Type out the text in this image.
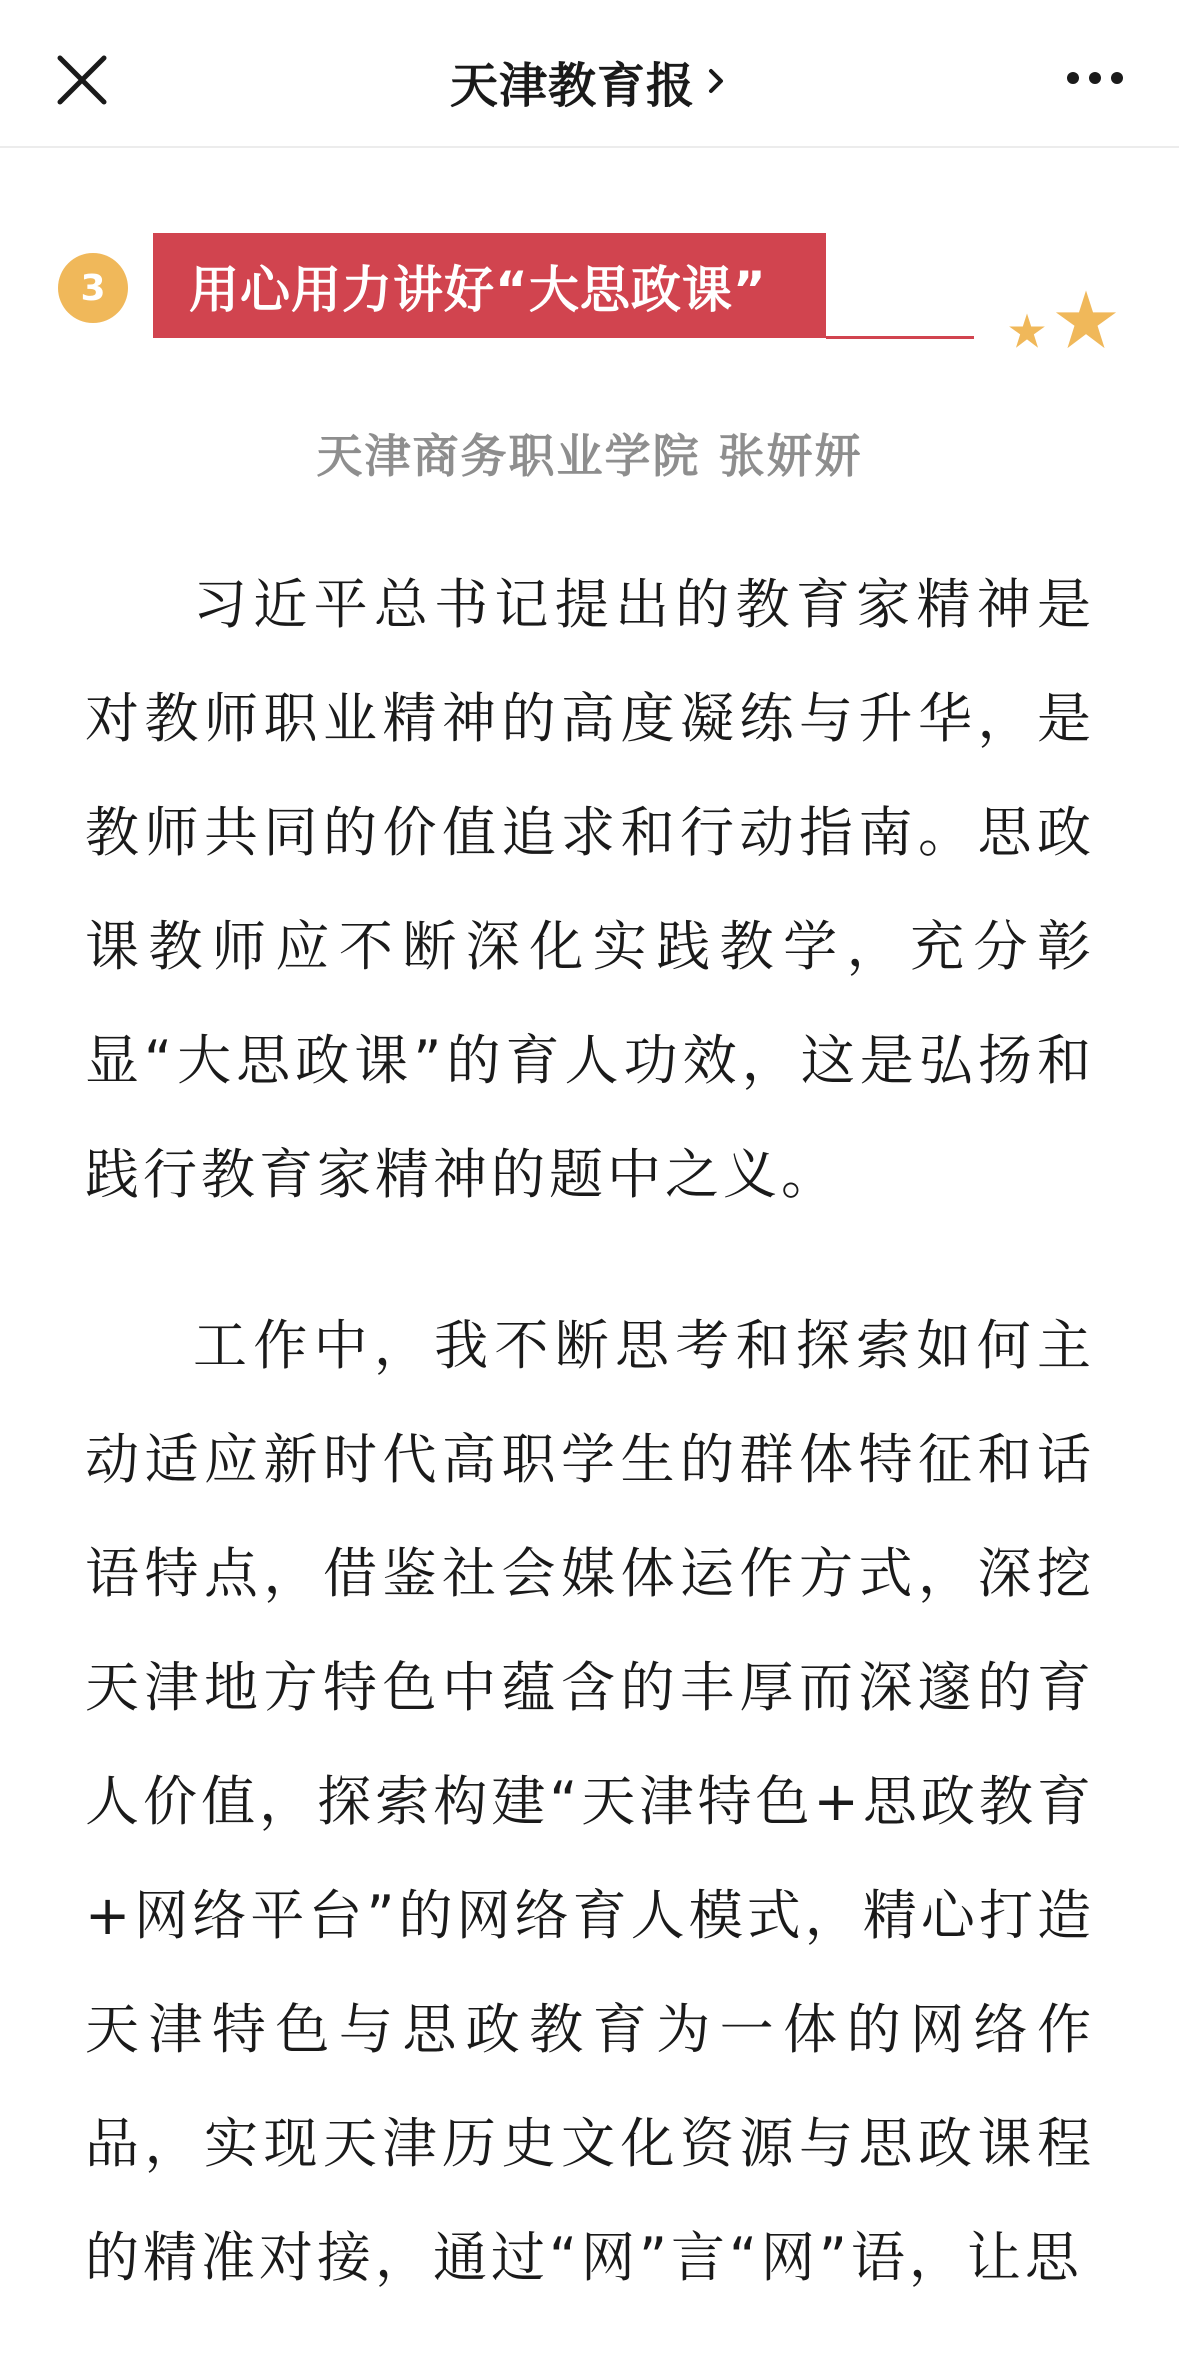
天津教育报
3	用心用力讲好“大思政课”
天津商务职业学院 张妍妍

习近平总书记提出的教育家精神是对教师职业精神的高度凝练与升华，是教师共同的价值追求和行动指南。思政课教师应不断深化实践教学，充分彰显“大思政课”的育人功效，这是弘扬和践行教育家精神的题中之义。

工作中，我不断思考和探索如何主动适应新时代高职学生的群体特征和话语特点，借鉴社会媒体运作方式，深挖天津地方特色中蕴含的丰厚而深邃的育人价值，探索构建“天津特色+思政教育+网络平台”的网络育人模式，精心打造天津特色与思政教育为一体的网络作品，实现天津历史文化资源与思政课程的精准对接，通过“网”言“网”语，让思
